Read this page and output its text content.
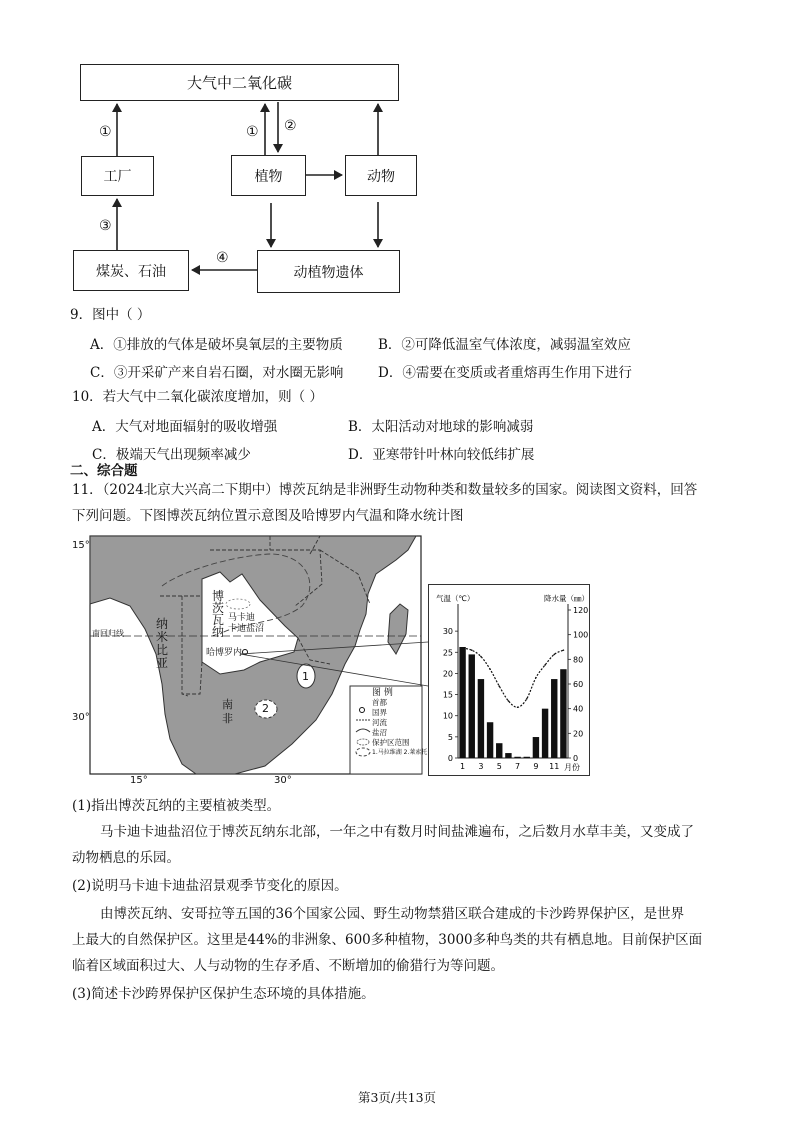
大气中二氧化碳
工厂	植物	动物
煤炭、石油	动植物遗体
①	① ②
③
④
9．图中（ ）
A．①排放的气体是破坏臭氧层的主要物质	B．②可降低温室气体浓度，减弱温室效应
C．③开采矿产来自岩石圈，对水圈无影响	D．④需要在变质或者重熔再生作用下进行
10．若大气中二氧化碳浓度增加，则（ ）
A．大气对地面辐射的吸收增强	B．太阳活动对地球的影响减弱
C．极端天气出现频率减少	D．亚寒带针叶林向较低纬扩展
二、综合题
11．（2024北京大兴高二下期中）博茨瓦纳是非洲野生动物种类和数量较多的国家。阅读图文资料，回答
下列问题。下图博茨瓦纳位置示意图及哈博罗内气温和降水统计图
15°
30°
15°	30°
南回归线
博
茨
瓦
纳
纳
米
比
亚
南
非
马卡迪
卡迪盐沼
哈博罗内
1
2
图 例
首都
国界
河流
盐沼
保护区范围
1.马拉维湖 2.莱索托
气温（℃）	降水量（㎜）
0
5
10
15
20
25
30
0
20
40
60
80
100
120
1 3 5 7 9 11 月份
(1)指出博茨瓦纳的主要植被类型。
马卡迪卡迪盐沼位于博茨瓦纳东北部，一年之中有数月时间盐滩遍布，之后数月水草丰美，又变成了
动物栖息的乐园。
(2)说明马卡迪卡迪盐沼景观季节变化的原因。
由博茨瓦纳、安哥拉等五国的36个国家公园、野生动物禁猎区联合建成的卡沙跨界保护区，是世界
上最大的自然保护区。这里是44%的非洲象、600多种植物，3000多种鸟类的共有栖息地。目前保护区面
临着区域面积过大、人与动物的生存矛盾、不断增加的偷猎行为等问题。
(3)简述卡沙跨界保护区保护生态环境的具体措施。
第3页/共13页
